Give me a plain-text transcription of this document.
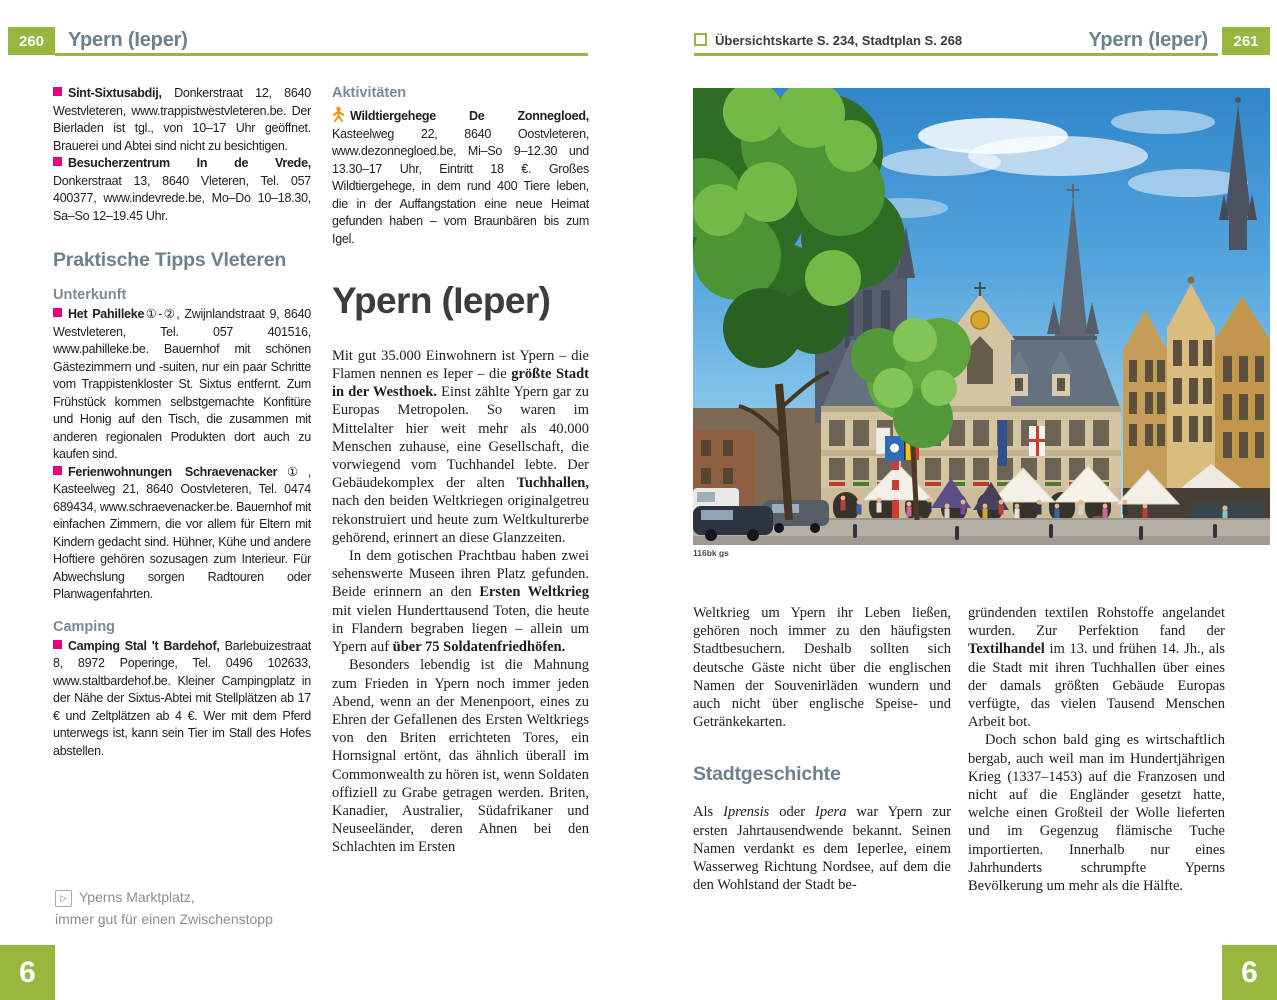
260	Ypern (Ieper)	Übersichtskarte S. 234, Stadtplan S. 268	Ypern (Ieper)	261
116bk gs

Sint-Sixtusabdij, Donkerstraat 12, 8640 Westvleteren, www.trappistwestvleteren.be. Der Bierladen ist tgl., von 10–17 Uhr geöffnet. Brauerei und Abtei sind nicht zu besichtigen.

Besucherzentrum In de Vrede, Donkerstraat 13, 8640 Vleteren, Tel. 057 400377, www.indevrede.be, Mo–Do 10–18.30, Sa–So 12–19.45 Uhr.

Praktische Tipps Vleteren
Unterkunft

Het Pahilleke①-②, Zwijnlandstraat 9, 8640 Westvleteren, Tel. 057 401516, www.pahilleke.be. Bauernhof mit schönen Gästezimmern und -suiten, nur ein paar Schritte vom Trappistenkloster St. Sixtus entfernt. Zum Frühstück kommen selbstgemachte Konfitüre und Honig auf den Tisch, die zusammen mit anderen regionalen Produkten dort auch zu kaufen sind.

Ferienwohnungen Schraevenacker①, Kasteelweg 21, 8640 Oostvleteren, Tel. 0474 689434, www.schraevenacker.be. Bauernhof mit einfachen Zimmern, die vor allem für Eltern mit Kindern gedacht sind. Hühner, Kühe und andere Hoftiere gehören sozusagen zum Interieur. Für Abwechslung sorgen Radtouren oder Planwagenfahrten.

Camping

Camping Stal 't Bardehof, Barlebuizestraat 8, 8972 Poperinge, Tel. 0496 102633, www.staltbardehof.be. Kleiner Campingplatz in der Nähe der Sixtus-Abtei mit Stellplätzen ab 17 € und Zeltplätzen ab 4 €. Wer mit dem Pferd unterwegs ist, kann sein Tier im Stall des Hofes abstellen.

▷ Yperns Marktplatz,
immer gut für einen Zwischenstopp
Aktivitäten

Wildtiergehege De Zonnegloed, Kasteelweg 22, 8640 Oostvleteren, www.dezonnegloed.be, Mi–So 9–12.30 und 13.30–17 Uhr, Eintritt 18 €. Großes Wildtiergehege, in dem rund 400 Tiere leben, die in der Auffangstation eine neue Heimat gefunden haben – vom Braunbären bis zum Igel.

Ypern (Ieper)

Mit gut 35.000 Einwohnern ist Ypern – die Flamen nennen es Ieper – die größte Stadt in der Westhoek. Einst zählte Ypern gar zu Europas Metropolen. So waren im Mittelalter hier weit mehr als 40.000 Menschen zuhause, eine Gesellschaft, die vorwiegend vom Tuchhandel lebte. Der Gebäudekomplex der alten Tuchhallen, nach den beiden Weltkriegen originalgetreu rekonstruiert und heute zum Weltkulturerbe gehörend, erinnert an diese Glanzzeiten.

In dem gotischen Prachtbau haben zwei sehenswerte Museen ihren Platz gefunden. Beide erinnern an den Ersten Weltkrieg mit vielen Hunderttausend Toten, die heute in Flandern begraben liegen – allein um Ypern auf über 75 Soldatenfriedhöfen.

Besonders lebendig ist die Mahnung zum Frieden in Ypern noch immer jeden Abend, wenn an der Menenpoort, eines zu Ehren der Gefallenen des Ersten Weltkriegs von den Briten errichteten Tores, ein Hornsignal ertönt, das ähnlich überall im Commonwealth zu hören ist, wenn Soldaten offiziell zu Grabe getragen werden. Briten, Kanadier, Australier, Südafrikaner und Neuseeländer, deren Ahnen bei den Schlachten im Ersten

Weltkrieg um Ypern ihr Leben ließen, gehören noch immer zu den häufigsten Stadtbesuchern. Deshalb sollten sich deutsche Gäste nicht über die englischen Namen der Souvenirläden wundern und auch nicht über englische Speise- und Getränkekarten.

Stadtgeschichte

Als Iprensis oder Ipera war Ypern zur ersten Jahrtausendwende bekannt. Seinen Namen verdankt es dem Ieperlee, einem Wasserweg Richtung Nordsee, auf dem die den Wohlstand der Stadt be-

gründenden textilen Rohstoffe angelandet wurden. Zur Perfektion fand der Textilhandel im 13. und frühen 14. Jh., als die Stadt mit ihren Tuchhallen über eines der damals größten Gebäude Europas verfügte, das vielen Tausend Menschen Arbeit bot.

Doch schon bald ging es wirtschaftlich bergab, auch weil man im Hundertjährigen Krieg (1337–1453) auf die Franzosen und nicht auf die Engländer gesetzt hatte, welche einen Großteil der Wolle lieferten und im Gegenzug flämische Tuche importierten. Innerhalb nur eines Jahrhunderts schrumpfte Yperns Bevölkerung um mehr als die Hälfte.

6	6
